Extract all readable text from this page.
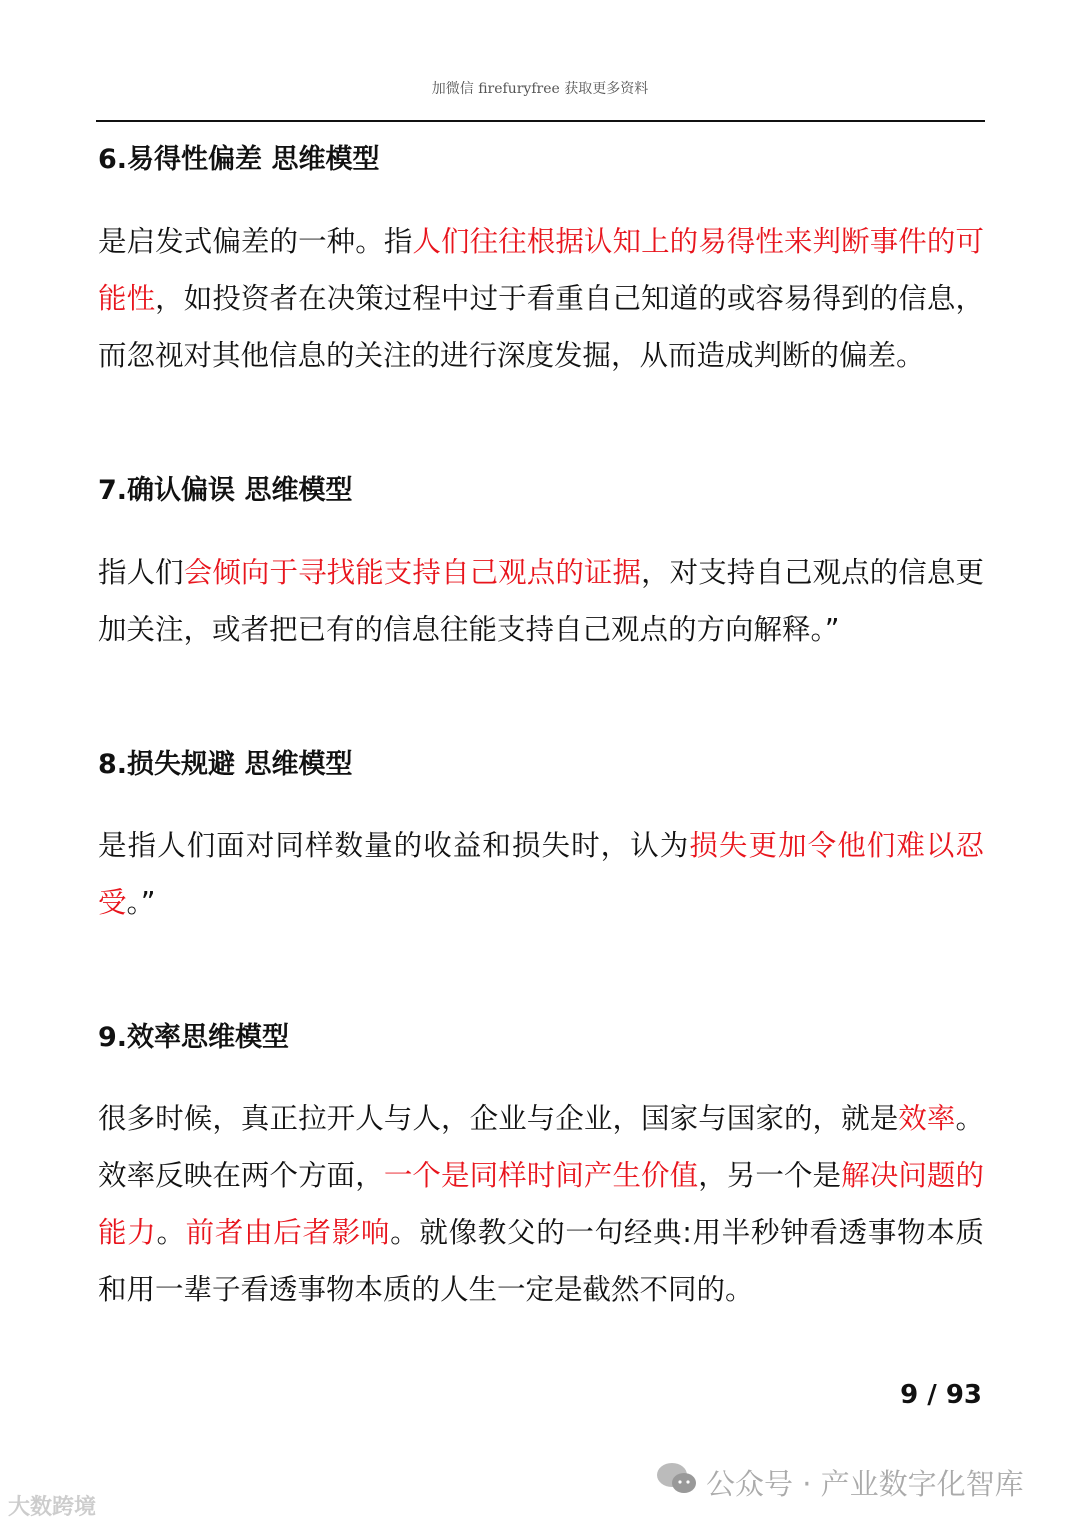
加微信 firefuryfree 获取更多资料
6.易得性偏差 思维模型
是启发式偏差的一种。指人们往往根据认知上的易得性来判断事件的可能性，如投资者在决策过程中过于看重自己知道的或容易得到的信息，而忽视对其他信息的关注的进行深度发掘，从而造成判断的偏差。
7.确认偏误 思维模型
指人们会倾向于寻找能支持自己观点的证据，对支持自己观点的信息更加关注，或者把已有的信息往能支持自己观点的方向解释。”
8.损失规避 思维模型
是指人们面对同样数量的收益和损失时，认为损失更加令他们难以忍受。”
9.效率思维模型
很多时候，真正拉开人与人，企业与企业，国家与国家的，就是效率。效率反映在两个方面，一个是同样时间产生价值，另一个是解决问题的能力。前者由后者影响。就像教父的一句经典:用半秒钟看透事物本质和用一辈子看透事物本质的人生一定是截然不同的。
9 / 93
公众号 · 产业数字化智库
大数跨境
